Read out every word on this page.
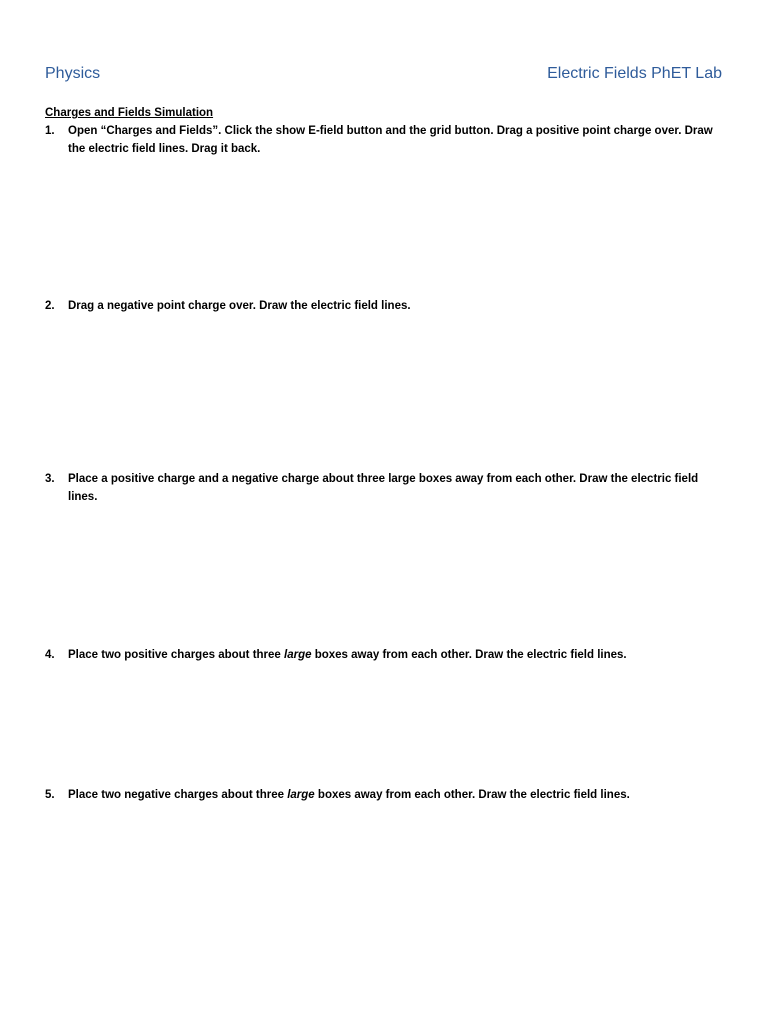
Physics	Electric Fields PhET Lab
Charges and Fields Simulation
1.	Open “Charges and Fields”. Click the show E-field button and the grid button. Drag a positive point charge over. Draw the electric field lines. Drag it back.
2.	Drag a negative point charge over. Draw the electric field lines.
3.	Place a positive charge and a negative charge about three large boxes away from each other. Draw the electric field lines.
4.	Place two positive charges about three large boxes away from each other. Draw the electric field lines.
5.	Place two negative charges about three large boxes away from each other. Draw the electric field lines.
